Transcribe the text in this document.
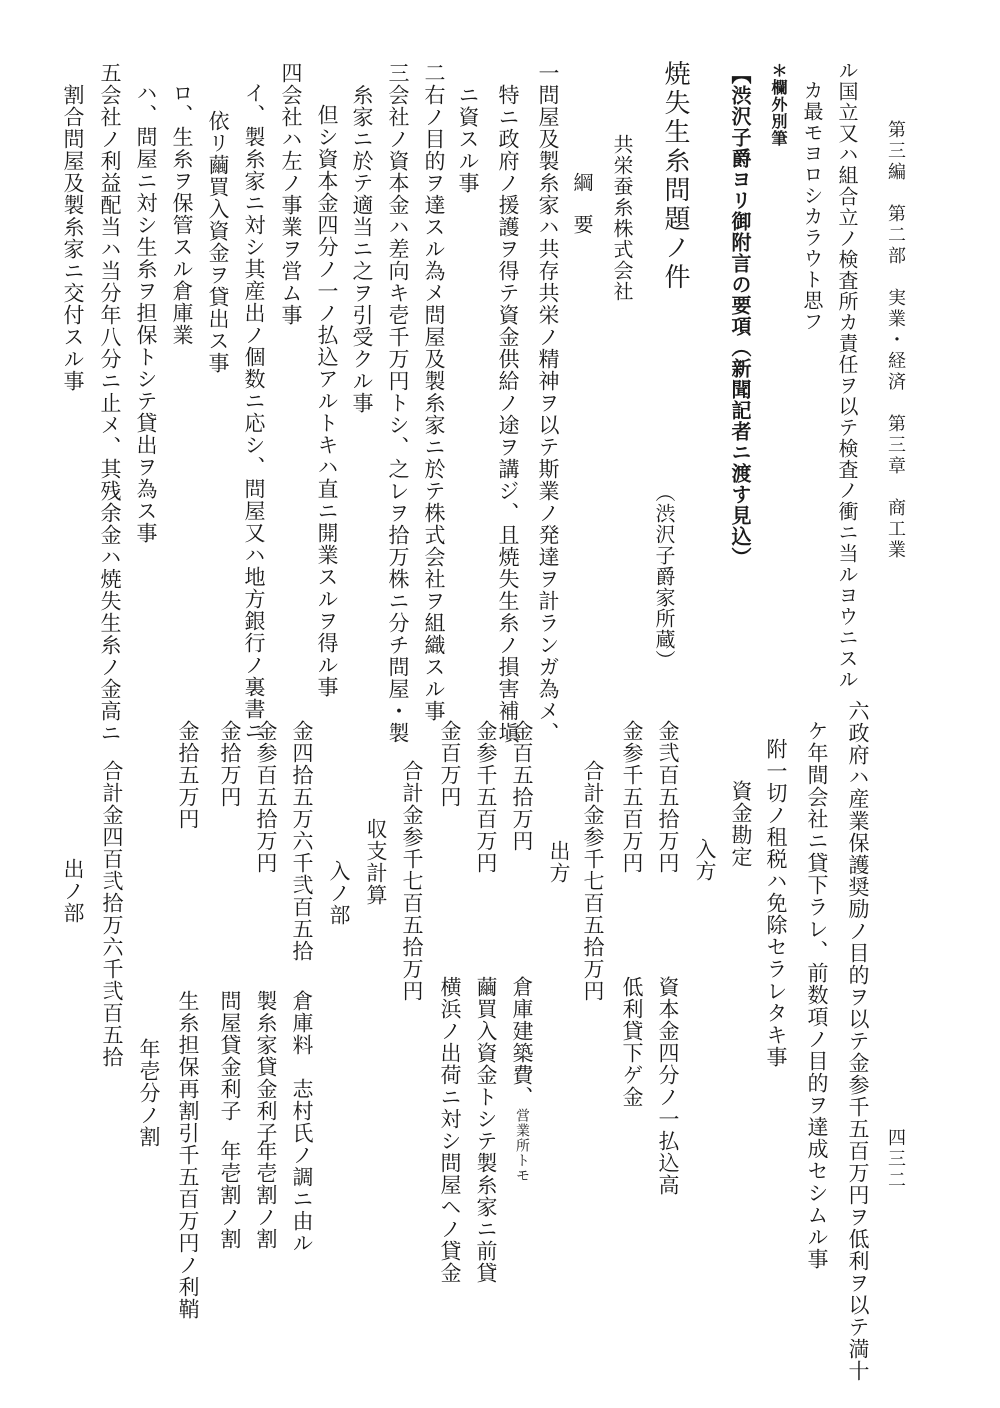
第三編　第二部　実業・経済　第三章　商工業
四三二
ル国立又ハ組合立ノ検査所カ責任ヲ以テ検査ノ衝ニ当ルヨウニスル
カ最モヨロシカラウト思フ
＊欄外別筆
【渋沢子爵ヨリ御附言の要項（新聞記者ニ渡す見込）
焼失生糸問題ノ件
（渋沢子爵家所蔵）
共栄蚕糸株式会社
綱　要
一問屋及製糸家ハ共存共栄ノ精神ヲ以テ斯業ノ発達ヲ計ランガ為メ、
特ニ政府ノ援護ヲ得テ資金供給ノ途ヲ講ジ、且焼失生糸ノ損害補塡
ニ資スル事
二右ノ目的ヲ達スル為メ問屋及製糸家ニ於テ株式会社ヲ組織スル事
三会社ノ資本金ハ差向キ壱千万円トシ、之レヲ拾万株ニ分チ問屋・製
糸家ニ於テ適当ニ之ヲ引受クル事
但シ資本金四分ノ一ノ払込アルトキハ直ニ開業スルヲ得ル事
四会社ハ左ノ事業ヲ営ム事
イ、製糸家ニ対シ其産出ノ個数ニ応シ、問屋又ハ地方銀行ノ裏書ニ
依リ繭買入資金ヲ貸出ス事
ロ、生糸ヲ保管スル倉庫業
ハ、問屋ニ対シ生糸ヲ担保トシテ貸出ヲ為ス事
五会社ノ利益配当ハ当分年八分ニ止メ、其残余金ハ焼失生糸ノ金高ニ
割合問屋及製糸家ニ交付スル事
六政府ハ産業保護奨励ノ目的ヲ以テ金参千五百万円ヲ低利ヲ以テ満十
ケ年間会社ニ貸下ラレ、前数項ノ目的ヲ達成セシムル事
附一切ノ租税ハ免除セラレタキ事
資金勘定
入方
金弐百五拾万円
資本金四分ノ一払込高
金参千五百万円
低利貸下ゲ金
合計金参千七百五拾万円
出方
金百五拾万円
倉庫建築費、営業所トモ
金参千五百万円
繭買入資金トシテ製糸家ニ前貸
金百万円
横浜ノ出荷ニ対シ問屋ヘノ貸金
合計金参千七百五拾万円
収支計算
入ノ部
金四拾五万六千弐百五拾
倉庫料　志村氏ノ調ニ由ル
金参百五拾万円
製糸家貸金利子
年壱割ノ割
金拾万円
問屋貸金利子
年壱割ノ割
金拾五万円
生糸担保再割引千五百万円ノ利鞘
年壱分ノ割
合計金四百弐拾万六千弐百五拾
出ノ部
